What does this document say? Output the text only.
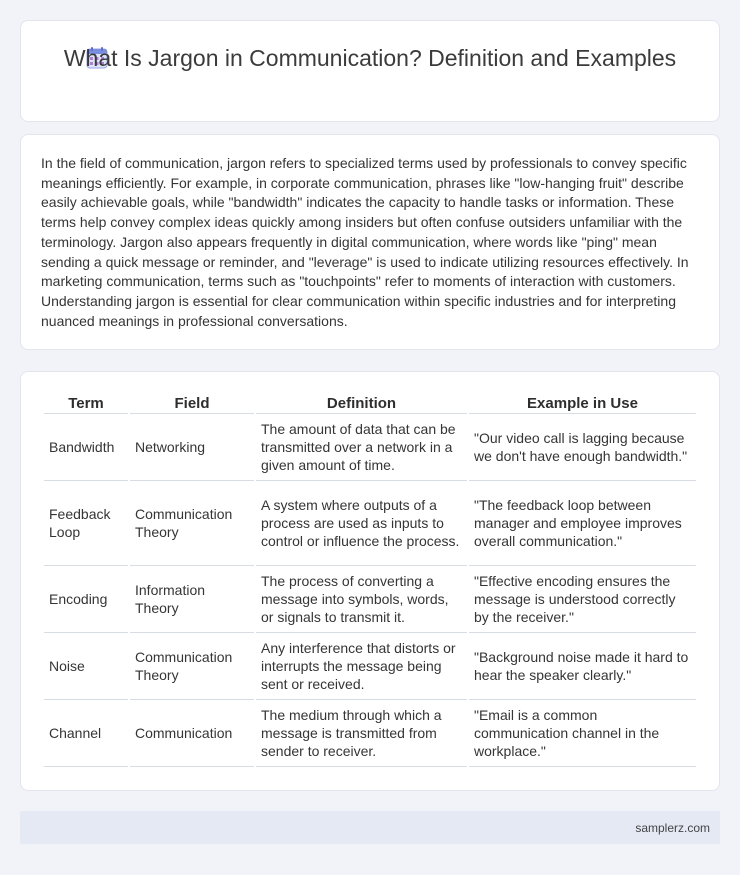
What Is Jargon in Communication? Definition and Examples

In the field of communication, jargon refers to specialized terms used by professionals to convey specific meanings efficiently. For example, in corporate communication, phrases like "low-hanging fruit" describe easily achievable goals, while "bandwidth" indicates the capacity to handle tasks or information. These terms help convey complex ideas quickly among insiders but often confuse outsiders unfamiliar with the terminology. Jargon also appears frequently in digital communication, where words like "ping" mean sending a quick message or reminder, and "leverage" is used to indicate utilizing resources effectively. In marketing communication, terms such as "touchpoints" refer to moments of interaction with customers. Understanding jargon is essential for clear communication within specific industries and for interpreting nuanced meanings in professional conversations.

Term	Field	Definition	Example in Use
Bandwidth	Networking	The amount of data that can be transmitted over a network in a given amount of time.	"Our video call is lagging because we don't have enough bandwidth."
Feedback Loop	Communication Theory	A system where outputs of a process are used as inputs to control or influence the process.	"The feedback loop between manager and employee improves overall communication."
Encoding	Information Theory	The process of converting a message into symbols, words, or signals to transmit it.	"Effective encoding ensures the message is understood correctly by the receiver."
Noise	Communication Theory	Any interference that distorts or interrupts the message being sent or received.	"Background noise made it hard to hear the speaker clearly."
Channel	Communication	The medium through which a message is transmitted from sender to receiver.	"Email is a common communication channel in the workplace."
samplerz.com
